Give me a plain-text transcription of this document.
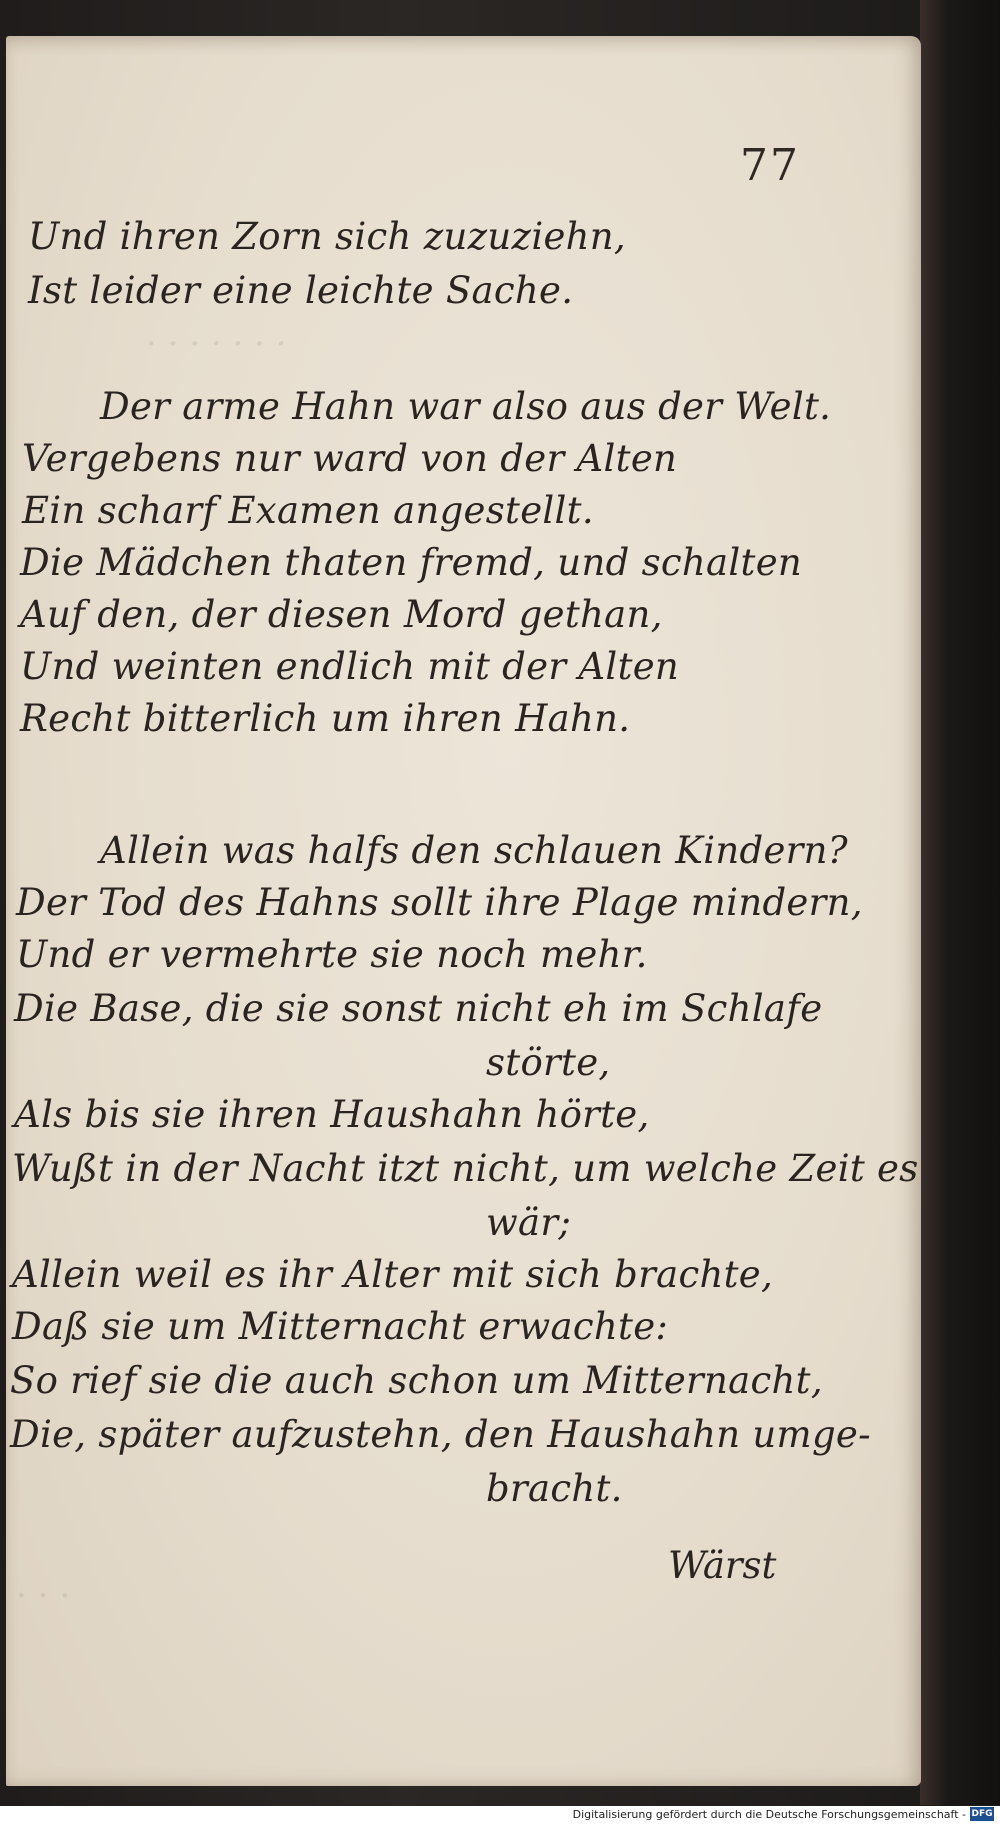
· · · · · · ·
· · ·
77
Und ihren Zorn sich zuzuziehn,
Ist leider eine leichte Sache.
Der arme Hahn war also aus der Welt.
Vergebens nur ward von der Alten
Ein scharf Examen angestellt.
Die Mädchen thaten fremd, und schalten
Auf den, der diesen Mord gethan,
Und weinten endlich mit der Alten
Recht bitterlich um ihren Hahn.
Allein was halfs den schlauen Kindern?
Der Tod des Hahns sollt ihre Plage mindern,
Und er vermehrte sie noch mehr.
Die Base, die sie sonst nicht eh im Schlafe
störte,
Als bis sie ihren Haushahn hörte,
Wußt in der Nacht itzt nicht, um welche Zeit es
wär;
Allein weil es ihr Alter mit sich brachte,
Daß sie um Mitternacht erwachte:
So rief sie die auch schon um Mitternacht,
Die, später aufzustehn, den Haushahn umge-
bracht.
Wärst
Digitalisierung gefördert durch die Deutsche Forschungsgemeinschaft - DFG
